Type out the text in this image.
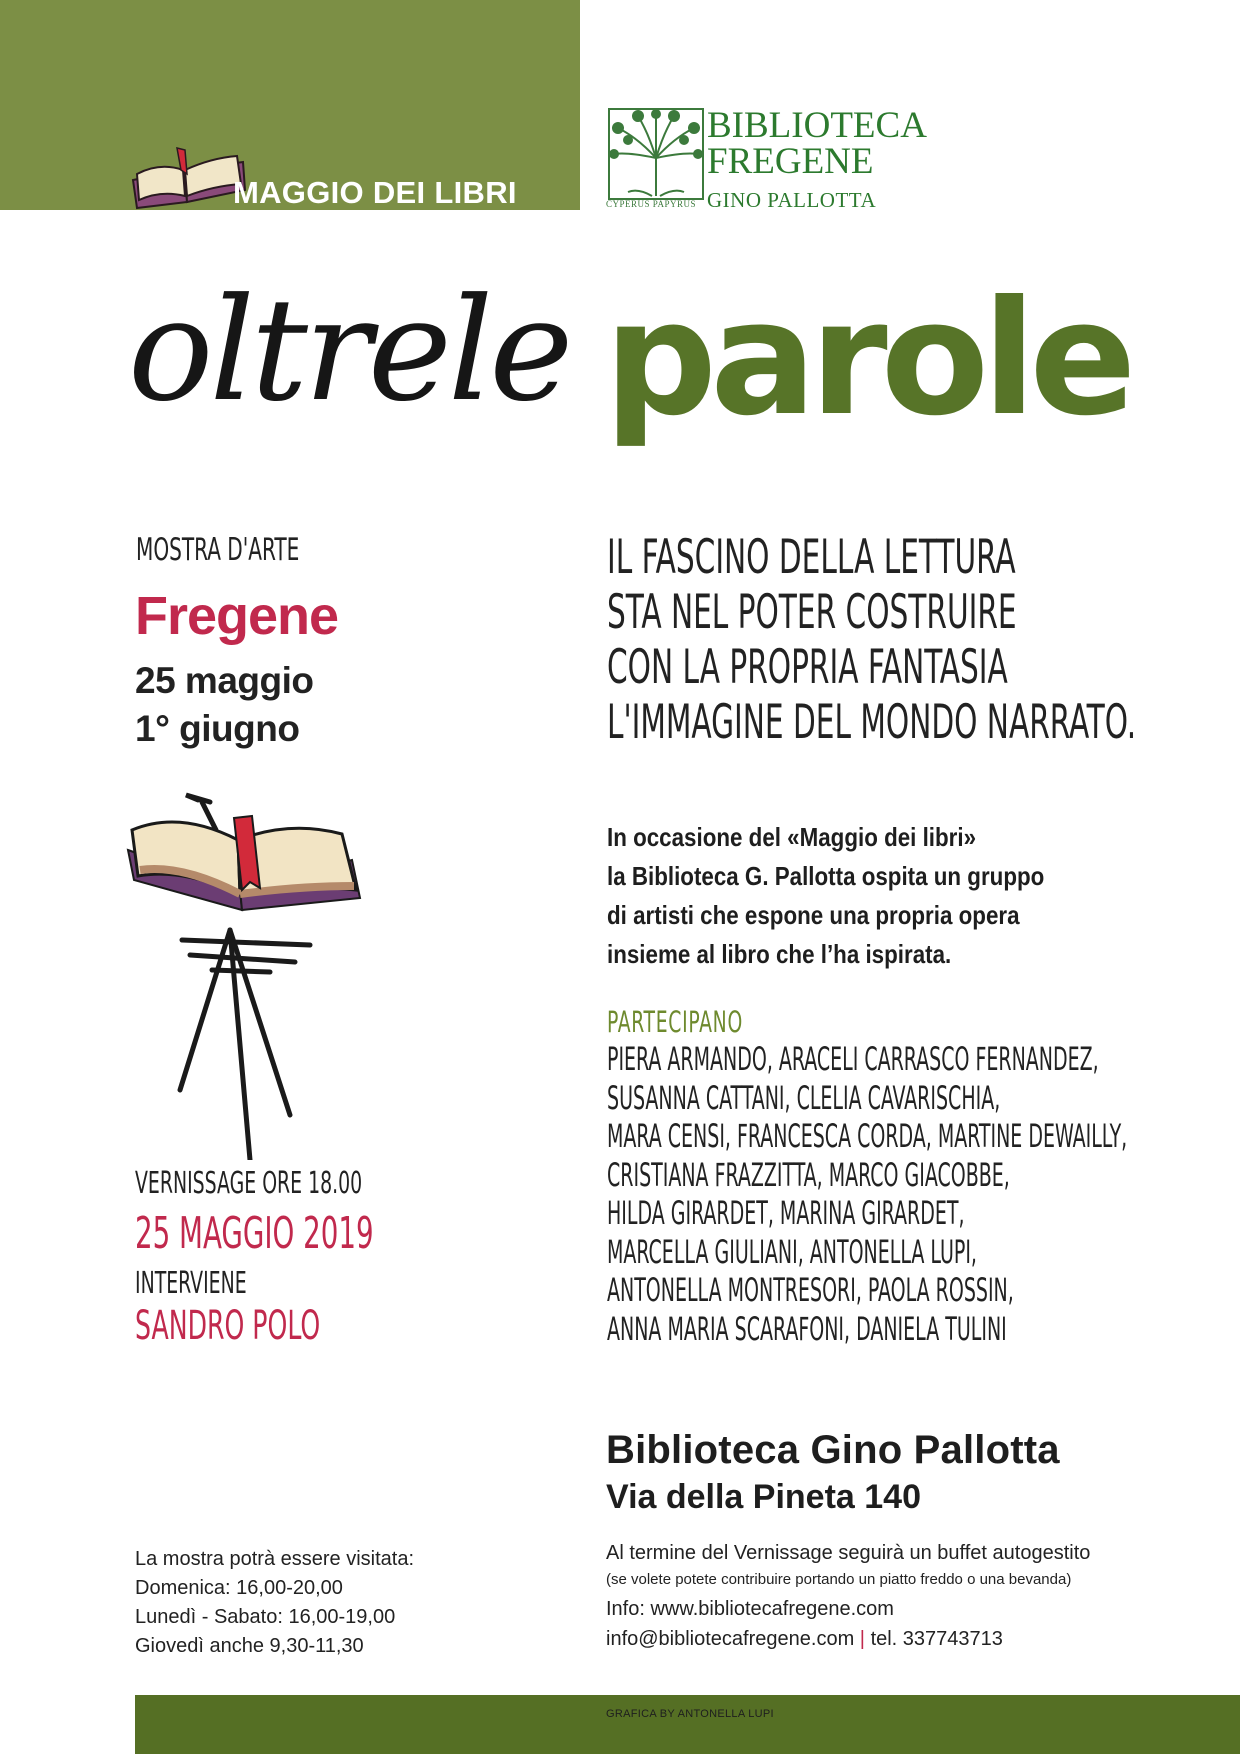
MAGGIO DEI LIBRI	CYPERUS PAPYRUS
BIBLIOTECA
FREGENE
GINO PALLOTTA
oltrele parole
MOSTRA D'ARTE
Fregene
25 maggio
1° giugno
VERNISSAGE ORE 18.00
25 MAGGIO 2019
INTERVIENE
SANDRO POLO
La mostra potrà essere visitata:
Domenica: 16,00-20,00
Lunedì - Sabato: 16,00-19,00
Giovedì anche 9,30-11,30
IL FASCINO DELLA LETTURA
STA NEL POTER COSTRUIRE
CON LA PROPRIA FANTASIA
L'IMMAGINE DEL MONDO NARRATO.
In occasione del «Maggio dei libri»
la Biblioteca G. Pallotta ospita un gruppo
di artisti che espone una propria opera
insieme al libro che l’ha ispirata.
PARTECIPANO
PIERA ARMANDO, ARACELI CARRASCO FERNANDEZ,
SUSANNA CATTANI, CLELIA CAVARISCHIA,
MARA CENSI, FRANCESCA CORDA, MARTINE DEWAILLY,
CRISTIANA FRAZZITTA, MARCO GIACOBBE,
HILDA GIRARDET, MARINA GIRARDET,
MARCELLA GIULIANI, ANTONELLA LUPI,
ANTONELLA MONTRESORI, PAOLA ROSSIN,
ANNA MARIA SCARAFONI, DANIELA TULINI
Biblioteca Gino Pallotta
Via della Pineta 140
Al termine del Vernissage seguirà un buffet autogestito
(se volete potete contribuire portando un piatto freddo o una bevanda)
Info: www.bibliotecafregene.com
info@bibliotecafregene.com | tel. 337743713
GRAFICA BY ANTONELLA LUPI
